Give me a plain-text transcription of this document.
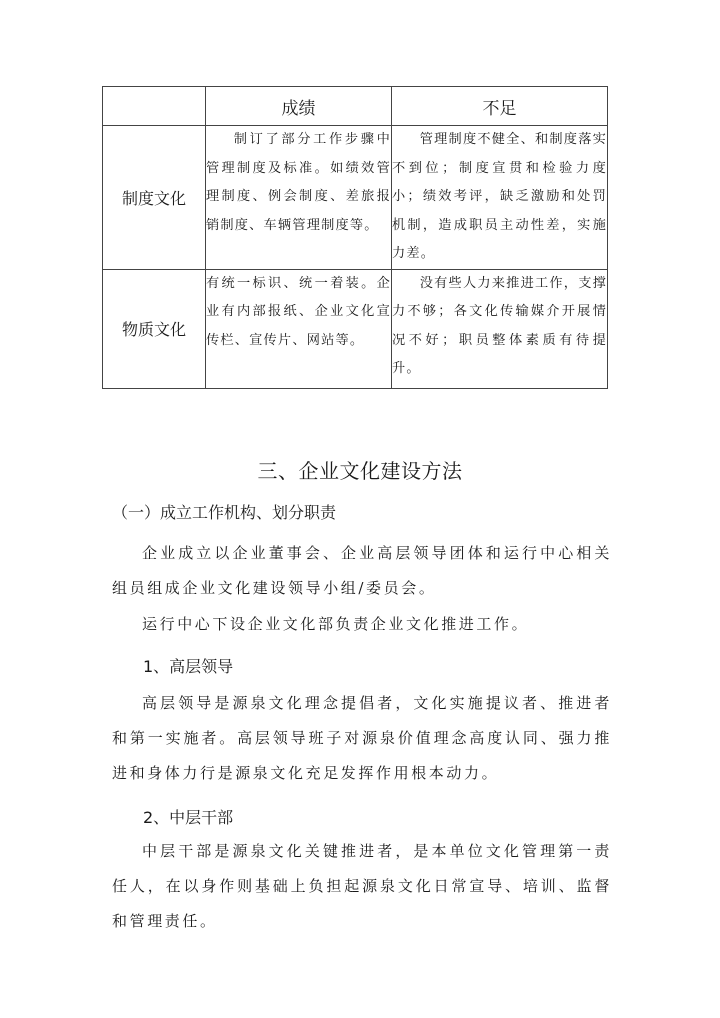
	成绩	不足
制度文化	制订了部分工作步骤中管理制度及标准。如绩效管理制度、例会制度、差旅报销制度、车辆管理制度等。	管理制度不健全、和制度落实不到位；制度宣贯和检验力度小；绩效考评，缺乏激励和处罚机制，造成职员主动性差，实施力差。
物质文化	有统一标识、统一着装。企业有内部报纸、企业文化宣传栏、宣传片、网站等。	没有些人力来推进工作，支撑力不够；各文化传输媒介开展情况不好；职员整体素质有待提升。
三、企业文化建设方法
（一）成立工作机构、划分职责

企业成立以企业董事会、企业高层领导团体和运行中心相关组员组成企业文化建设领导小组/委员会。

运行中心下设企业文化部负责企业文化推进工作。

1、高层领导

高层领导是源泉文化理念提倡者，文化实施提议者、推进者和第一实施者。高层领导班子对源泉价值理念高度认同、强力推进和身体力行是源泉文化充足发挥作用根本动力。

2、中层干部

中层干部是源泉文化关键推进者，是本单位文化管理第一责任人，在以身作则基础上负担起源泉文化日常宣导、培训、监督和管理责任。
